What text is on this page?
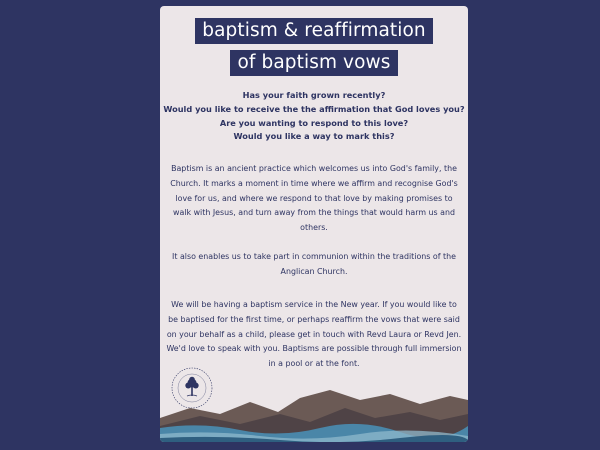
baptism & reaffirmation
of baptism vows
Has your faith grown recently?
Would you like to receive the the affirmation that God loves you?
Are you wanting to respond to this love?
Would you like a way to mark this?
Baptism is an ancient practice which welcomes us into God's family, the Church. It marks a moment in time where we affirm and recognise God's love for us, and where we respond to that love by making promises to walk with Jesus, and turn away from the things that would harm us and others.
It also enables us to take part in communion within the traditions of the Anglican Church.
We will be having a baptism service in the New year. If you would like to be baptised for the first time, or perhaps reaffirm the vows that were said on your behalf as a child, please get in touch with Revd Laura or Revd Jen. We'd love to speak with you. Baptisms are possible through full immersion in a pool or at the font.
